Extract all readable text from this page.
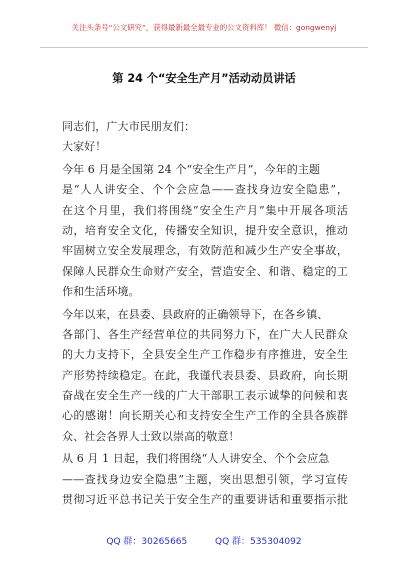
关注头条号“公文研究”，获得最新最全最专业的公文资料库！ 微信：gongwenyj
第 24 个“安全生产月”活动动员讲话
同志们，广大市民朋友们：
大家好！
今年 6 月是全国第 24 个“安全生产月”，今年的主题
是“人人讲安全、个个会应急——查找身边安全隐患”，
在这个月里，我们将围绕“安全生产月”集中开展各项活
动，培育安全文化，传播安全知识，提升安全意识，推动
牢固树立安全发展理念，有效防范和减少生产安全事故，
保障人民群众生命财产安全，营造安全、和谐、稳定的工
作和生活环境。
今年以来，在县委、县政府的正确领导下，在各乡镇、
各部门、各生产经营单位的共同努力下，在广大人民群众
的大力支持下，全县安全生产工作稳步有序推进，安全生
产形势持续稳定。在此，我谨代表县委、县政府，向长期
奋战在安全生产一线的广大干部职工表示诚挚的问候和衷
心的感谢！向长期关心和支持安全生产工作的全县各族群
众、社会各界人士致以崇高的敬意！
从 6 月 1 日起，我们将围绕“人人讲安全、个个会应急
——查找身边安全隐患”主题，突出思想引领，学习宣传
贯彻习近平总书记关于安全生产的重要讲话和重要指示批
QQ 群：30265665	QQ 群：535304092
